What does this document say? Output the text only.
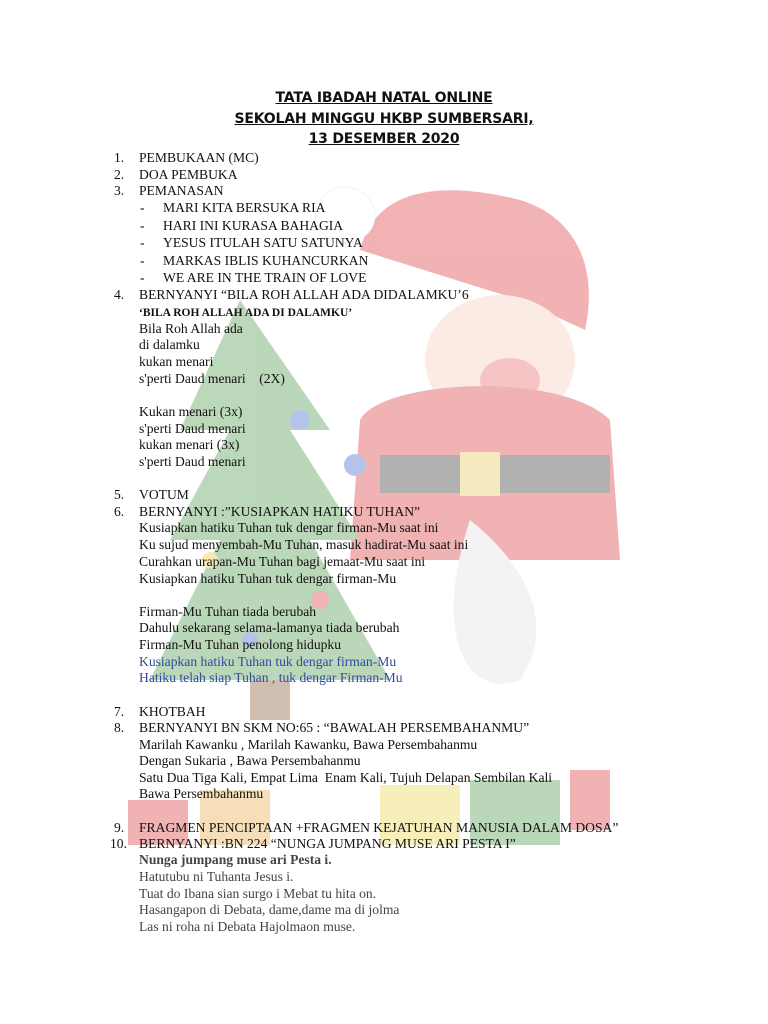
TATA IBADAH NATAL ONLINE
SEKOLAH MINGGU HKBP SUMBERSARI,
13 DESEMBER 2020
1.	PEMBUKAAN (MC)
2.	DOA PEMBUKA
3.	PEMANASAN
- MARI KITA BERSUKA RIA
- HARI INI KURASA BAHAGIA
- YESUS ITULAH SATU SATUNYA
- MARKAS IBLIS KUHANCURKAN
- WE ARE IN THE TRAIN OF LOVE
4.	BERNYANYI “BILA ROH ALLAH ADA DIDALAMKU’6
‘BILA ROH ALLAH ADA DI DALAMKU’
Bila Roh Allah ada
di dalamku
kukan menari
s'perti Daud menari    (2X)
Kukan menari (3x)
s'perti Daud menari
kukan menari (3x)
s'perti Daud menari
5.	VOTUM
6.	BERNYANYI :”KUSIAPKAN HATIKU TUHAN”
Kusiapkan hatiku Tuhan tuk dengar firman-Mu saat ini
Ku sujud menyembah-Mu Tuhan, masuk hadirat-Mu saat ini
Curahkan urapan-Mu Tuhan bagi jemaat-Mu saat ini
Kusiapkan hatiku Tuhan tuk dengar firman-Mu
Firman-Mu Tuhan tiada berubah
Dahulu sekarang selama-lamanya tiada berubah
Firman-Mu Tuhan penolong hidupku
Kusiapkan hatiku Tuhan tuk dengar firman-Mu
Hatiku telah siap Tuhan , tuk dengar Firman-Mu
7.	KHOTBAH
8.	BERNYANYI BN SKM NO:65 : “BAWALAH PERSEMBAHANMU”
Marilah Kawanku , Marilah Kawanku, Bawa Persembahanmu
Dengan Sukaria , Bawa Persembahanmu
Satu Dua Tiga Kali, Empat Lima  Enam Kali, Tujuh Delapan Sembilan Kali
Bawa Persembahanmu
9.	FRAGMEN PENCIPTAAN +FRAGMEN KEJATUHAN MANUSIA DALAM DOSA”
10. BERNYANYI :BN 224 “NUNGA JUMPANG MUSE ARI PESTA I”
Nunga jumpang muse ari Pesta i.
Hatutubu ni Tuhanta Jesus i.
Tuat do Ibana sian surgo i Mebat tu hita on.
Hasangapon di Debata, dame,dame ma di jolma
Las ni roha ni Debata Hajolmaon muse.
